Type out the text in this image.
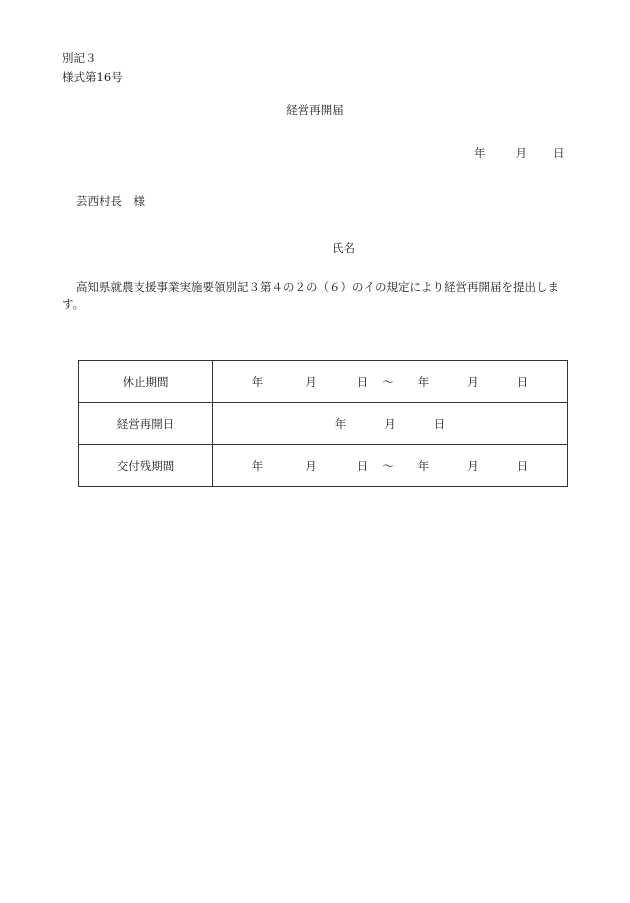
別記３
様式第16号
経営再開届
年	月 日
芸西村長　様
氏名
高知県就農支援事業実施要領別記３第４の２の（６）のイの規定により経営再開届を提出します。
休止期間	年 月 日 〜 年 月 日
経営再開日	年 月 日
交付残期間	年 月 日 〜 年 月 日
